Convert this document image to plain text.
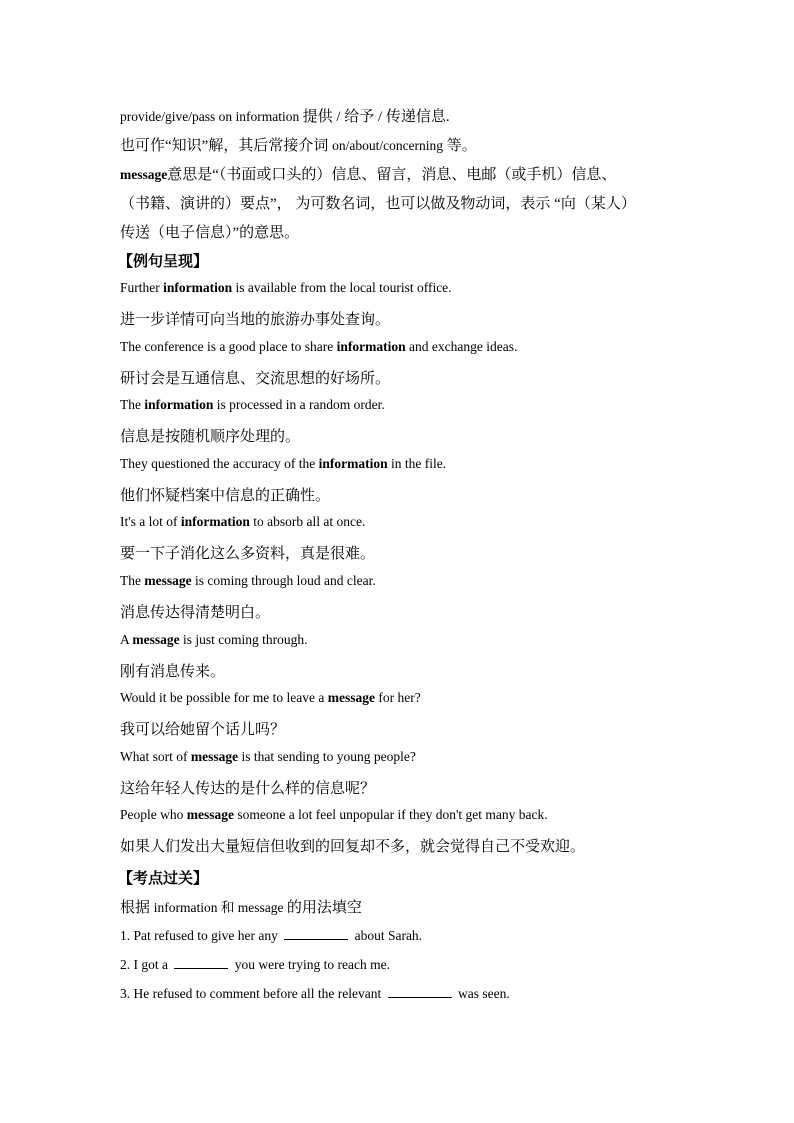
provide/give/pass on information 提供 / 给予 / 传递信息.
也可作“知识”解，其后常接介词 on/about/concerning 等。
message意思是“（书面或口头的）信息、留言，消息、电邮（或手机）信息、
（书籍、演讲的）要点”， 为可数名词，也可以做及物动词，表示 “向（某人）
传送（电子信息）”的意思。
【例句呈现】
Further information is available from the local tourist office.
进一步详情可向当地的旅游办事处查询。
The conference is a good place to share information and exchange ideas.
研讨会是互通信息、交流思想的好场所。
The information is processed in a random order.
信息是按随机顺序处理的。
They questioned the accuracy of the information in the file.
他们怀疑档案中信息的正确性。
It's a lot of information to absorb all at once.
要一下子消化这么多资料，真是很难。
The message is coming through loud and clear.
消息传达得清楚明白。
A message is just coming through.
刚有消息传来。
Would it be possible for me to leave a message for her?
我可以给她留个话儿吗？
What sort of message is that sending to young people?
这给年轻人传达的是什么样的信息呢？
People who message someone a lot feel unpopular if they don't get many back.
如果人们发出大量短信但收到的回复却不多，就会觉得自己不受欢迎。
【考点过关】
根据 information 和 message 的用法填空
1. Pat refused to give her any	about Sarah.
2. I got a	you were trying to reach me.
3. He refused to comment before all the relevant	was seen.
